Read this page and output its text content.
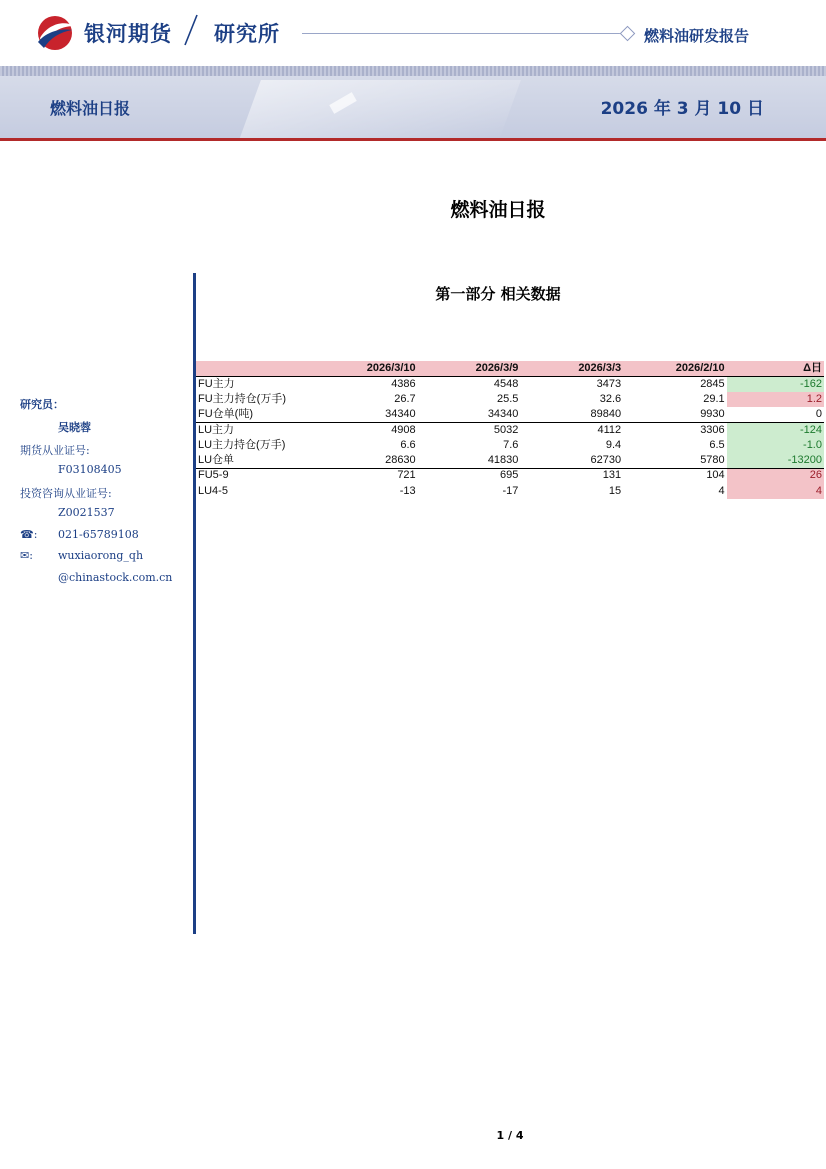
银河期货 研究所	燃料油研发报告
燃料油日报	2026 年 3 月 10 日
燃料油日报
第一部分 相关数据
研究员：
吴晓蓉
期货从业证号:
F03108405
投资咨询从业证号:
Z0021537
☎: 021-65789108
✉: wuxiaorong_qh
@chinastock.com.cn
	2026/3/10	2026/3/9	2026/3/3	2026/2/10	Δ日
FU主力	4386	4548	3473	2845	-162
FU主力持仓(万手)	26.7	25.5	32.6	29.1	1.2
FU仓单(吨)	34340	34340	89840	9930	0
LU主力	4908	5032	4112	3306	-124
LU主力持仓(万手)	6.6	7.6	9.4	6.5	-1.0
LU仓单	28630	41830	62730	5780	-13200
FU5-9	721	695	131	104	26
LU4-5	-13	-17	15	4	4
1 / 4
